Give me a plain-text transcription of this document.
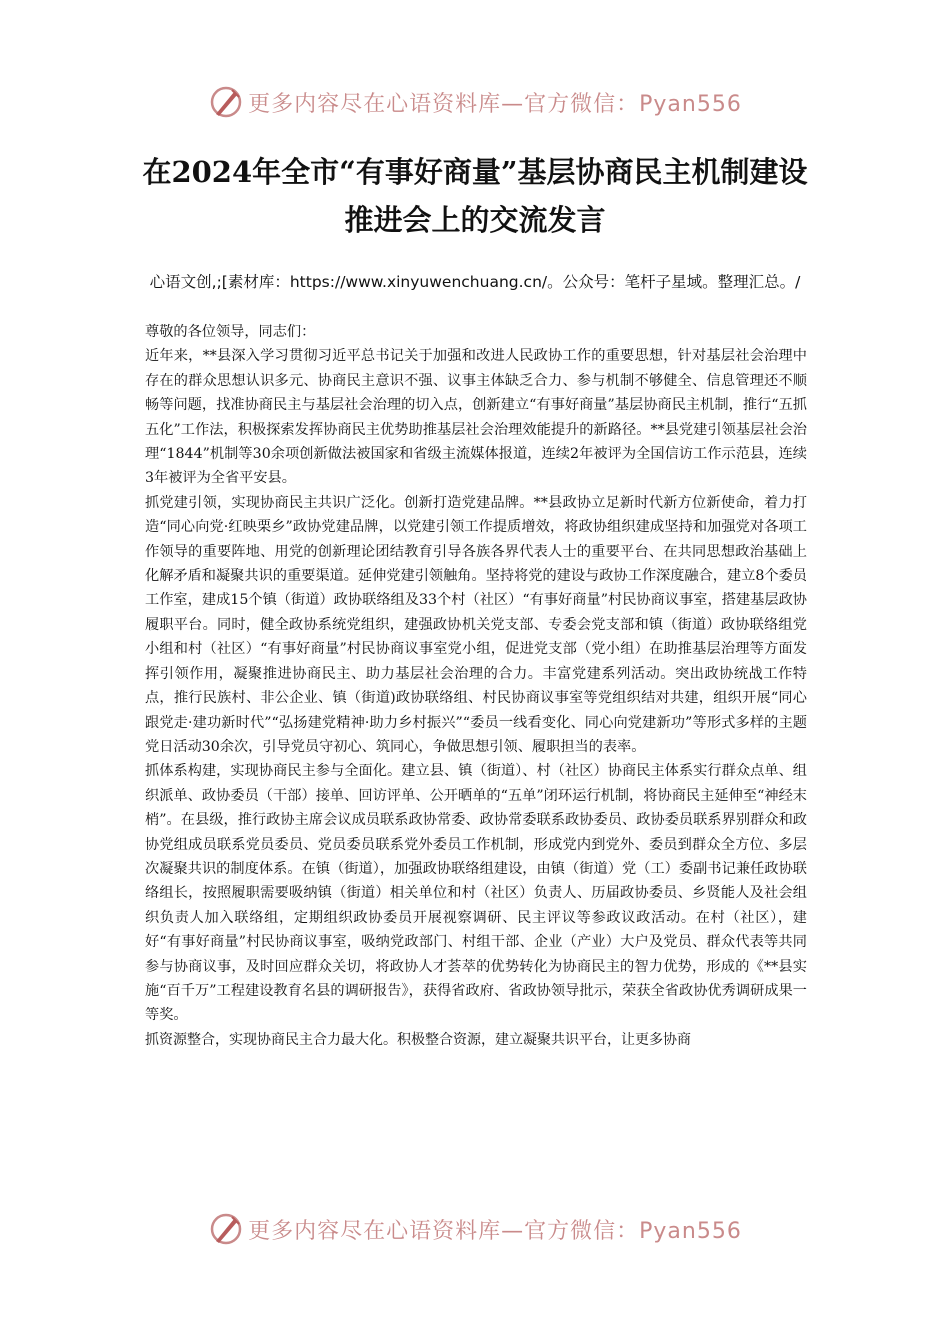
更多内容尽在心语资料库—官方微信：Pyan556
在2024年全市“有事好商量”基层协商民主机制建设推进会上的交流发言

心语文创,;[素材库：https://www.xinyuwenchuang.cn/。公众号：笔杆子星域。整理汇总。/

尊敬的各位领导，同志们：

近年来，**县深入学习贯彻习近平总书记关于加强和改进人民政协工作的重要思想，针对基层社会治理中存在的群众思想认识多元、协商民主意识不强、议事主体缺乏合力、参与机制不够健全、信息管理还不顺畅等问题，找准协商民主与基层社会治理的切入点，创新建立“有事好商量”基层协商民主机制，推行“五抓五化”工作法，积极探索发挥协商民主优势助推基层社会治理效能提升的新路径。**县党建引领基层社会治理“1844”机制等30余项创新做法被国家和省级主流媒体报道，连续2年被评为全国信访工作示范县，连续3年被评为全省平安县。

抓党建引领，实现协商民主共识广泛化。创新打造党建品牌。**县政协立足新时代新方位新使命，着力打造“同心向党·红映栗乡”政协党建品牌，以党建引领工作提质增效，将政协组织建成坚持和加强党对各项工作领导的重要阵地、用党的创新理论团结教育引导各族各界代表人士的重要平台、在共同思想政治基础上化解矛盾和凝聚共识的重要渠道。延伸党建引领触角。坚持将党的建设与政协工作深度融合，建立8个委员工作室，建成15个镇（街道）政协联络组及33个村（社区）“有事好商量”村民协商议事室，搭建基层政协履职平台。同时，健全政协系统党组织，建强政协机关党支部、专委会党支部和镇（街道）政协联络组党小组和村（社区）“有事好商量”村民协商议事室党小组，促进党支部（党小组）在助推基层治理等方面发挥引领作用，凝聚推进协商民主、助力基层社会治理的合力。丰富党建系列活动。突出政协统战工作特点，推行民族村、非公企业、镇（街道)政协联络组、村民协商议事室等党组织结对共建，组织开展“同心跟党走·建功新时代”“弘扬建党精神·助力乡村振兴”“委员一线看变化、同心向党建新功”等形式多样的主题党日活动30余次，引导党员守初心、筑同心，争做思想引领、履职担当的表率。

抓体系构建，实现协商民主参与全面化。建立县、镇（街道）、村（社区）协商民主体系实行群众点单、组织派单、政协委员（干部）接单、回访评单、公开晒单的“五单”闭环运行机制，将协商民主延伸至“神经末梢”。在县级，推行政协主席会议成员联系政协常委、政协常委联系政协委员、政协委员联系界别群众和政协党组成员联系党员委员、党员委员联系党外委员工作机制，形成党内到党外、委员到群众全方位、多层次凝聚共识的制度体系。在镇（街道），加强政协联络组建设，由镇（街道）党（工）委副书记兼任政协联络组长，按照履职需要吸纳镇（街道）相关单位和村（社区）负责人、历届政协委员、乡贤能人及社会组织负责人加入联络组，定期组织政协委员开展视察调研、民主评议等参政议政活动。在村（社区），建好“有事好商量”村民协商议事室，吸纳党政部门、村组干部、企业（产业）大户及党员、群众代表等共同参与协商议事，及时回应群众关切，将政协人才荟萃的优势转化为协商民主的智力优势，形成的《**县实施“百千万”工程建设教育名县的调研报告》，获得省政府、省政协领导批示，荣获全省政协优秀调研成果一等奖。

抓资源整合，实现协商民主合力最大化。积极整合资源，建立凝聚共识平台，让更多协商

更多内容尽在心语资料库—官方微信：Pyan556
